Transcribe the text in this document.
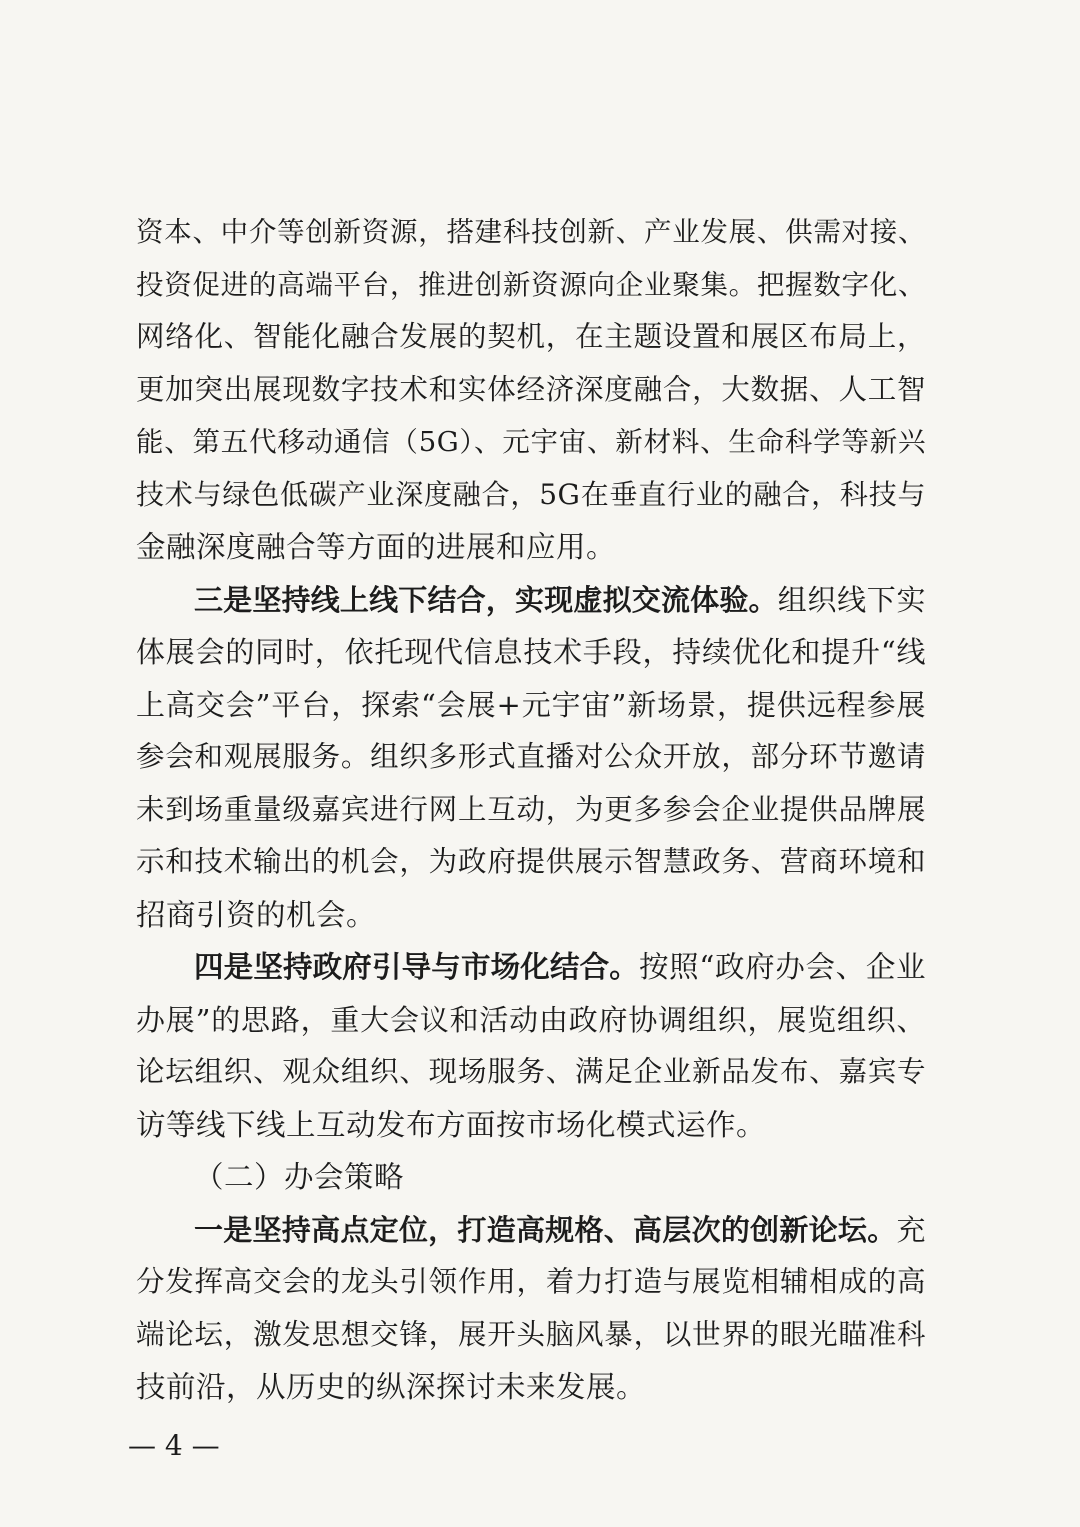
资本、中介等创新资源，搭建科技创新、产业发展、供需对接、
投资促进的高端平台，推进创新资源向企业聚集。把握数字化、
网络化、智能化融合发展的契机，在主题设置和展区布局上，
更加突出展现数字技术和实体经济深度融合，大数据、人工智
能、第五代移动通信（5G）、元宇宙、新材料、生命科学等新兴
技术与绿色低碳产业深度融合，5G在垂直行业的融合，科技与
金融深度融合等方面的进展和应用。
三是坚持线上线下结合，实现虚拟交流体验。组织线下实
体展会的同时，依托现代信息技术手段，持续优化和提升“线
上高交会”平台，探索“会展+元宇宙”新场景，提供远程参展
参会和观展服务。组织多形式直播对公众开放，部分环节邀请
未到场重量级嘉宾进行网上互动，为更多参会企业提供品牌展
示和技术输出的机会，为政府提供展示智慧政务、营商环境和
招商引资的机会。
四是坚持政府引导与市场化结合。按照“政府办会、企业
办展”的思路，重大会议和活动由政府协调组织，展览组织、
论坛组织、观众组织、现场服务、满足企业新品发布、嘉宾专
访等线下线上互动发布方面按市场化模式运作。
（二）办会策略
一是坚持高点定位，打造高规格、高层次的创新论坛。充
分发挥高交会的龙头引领作用，着力打造与展览相辅相成的高
端论坛，激发思想交锋，展开头脑风暴，以世界的眼光瞄准科
技前沿，从历史的纵深探讨未来发展。
— 4 —
